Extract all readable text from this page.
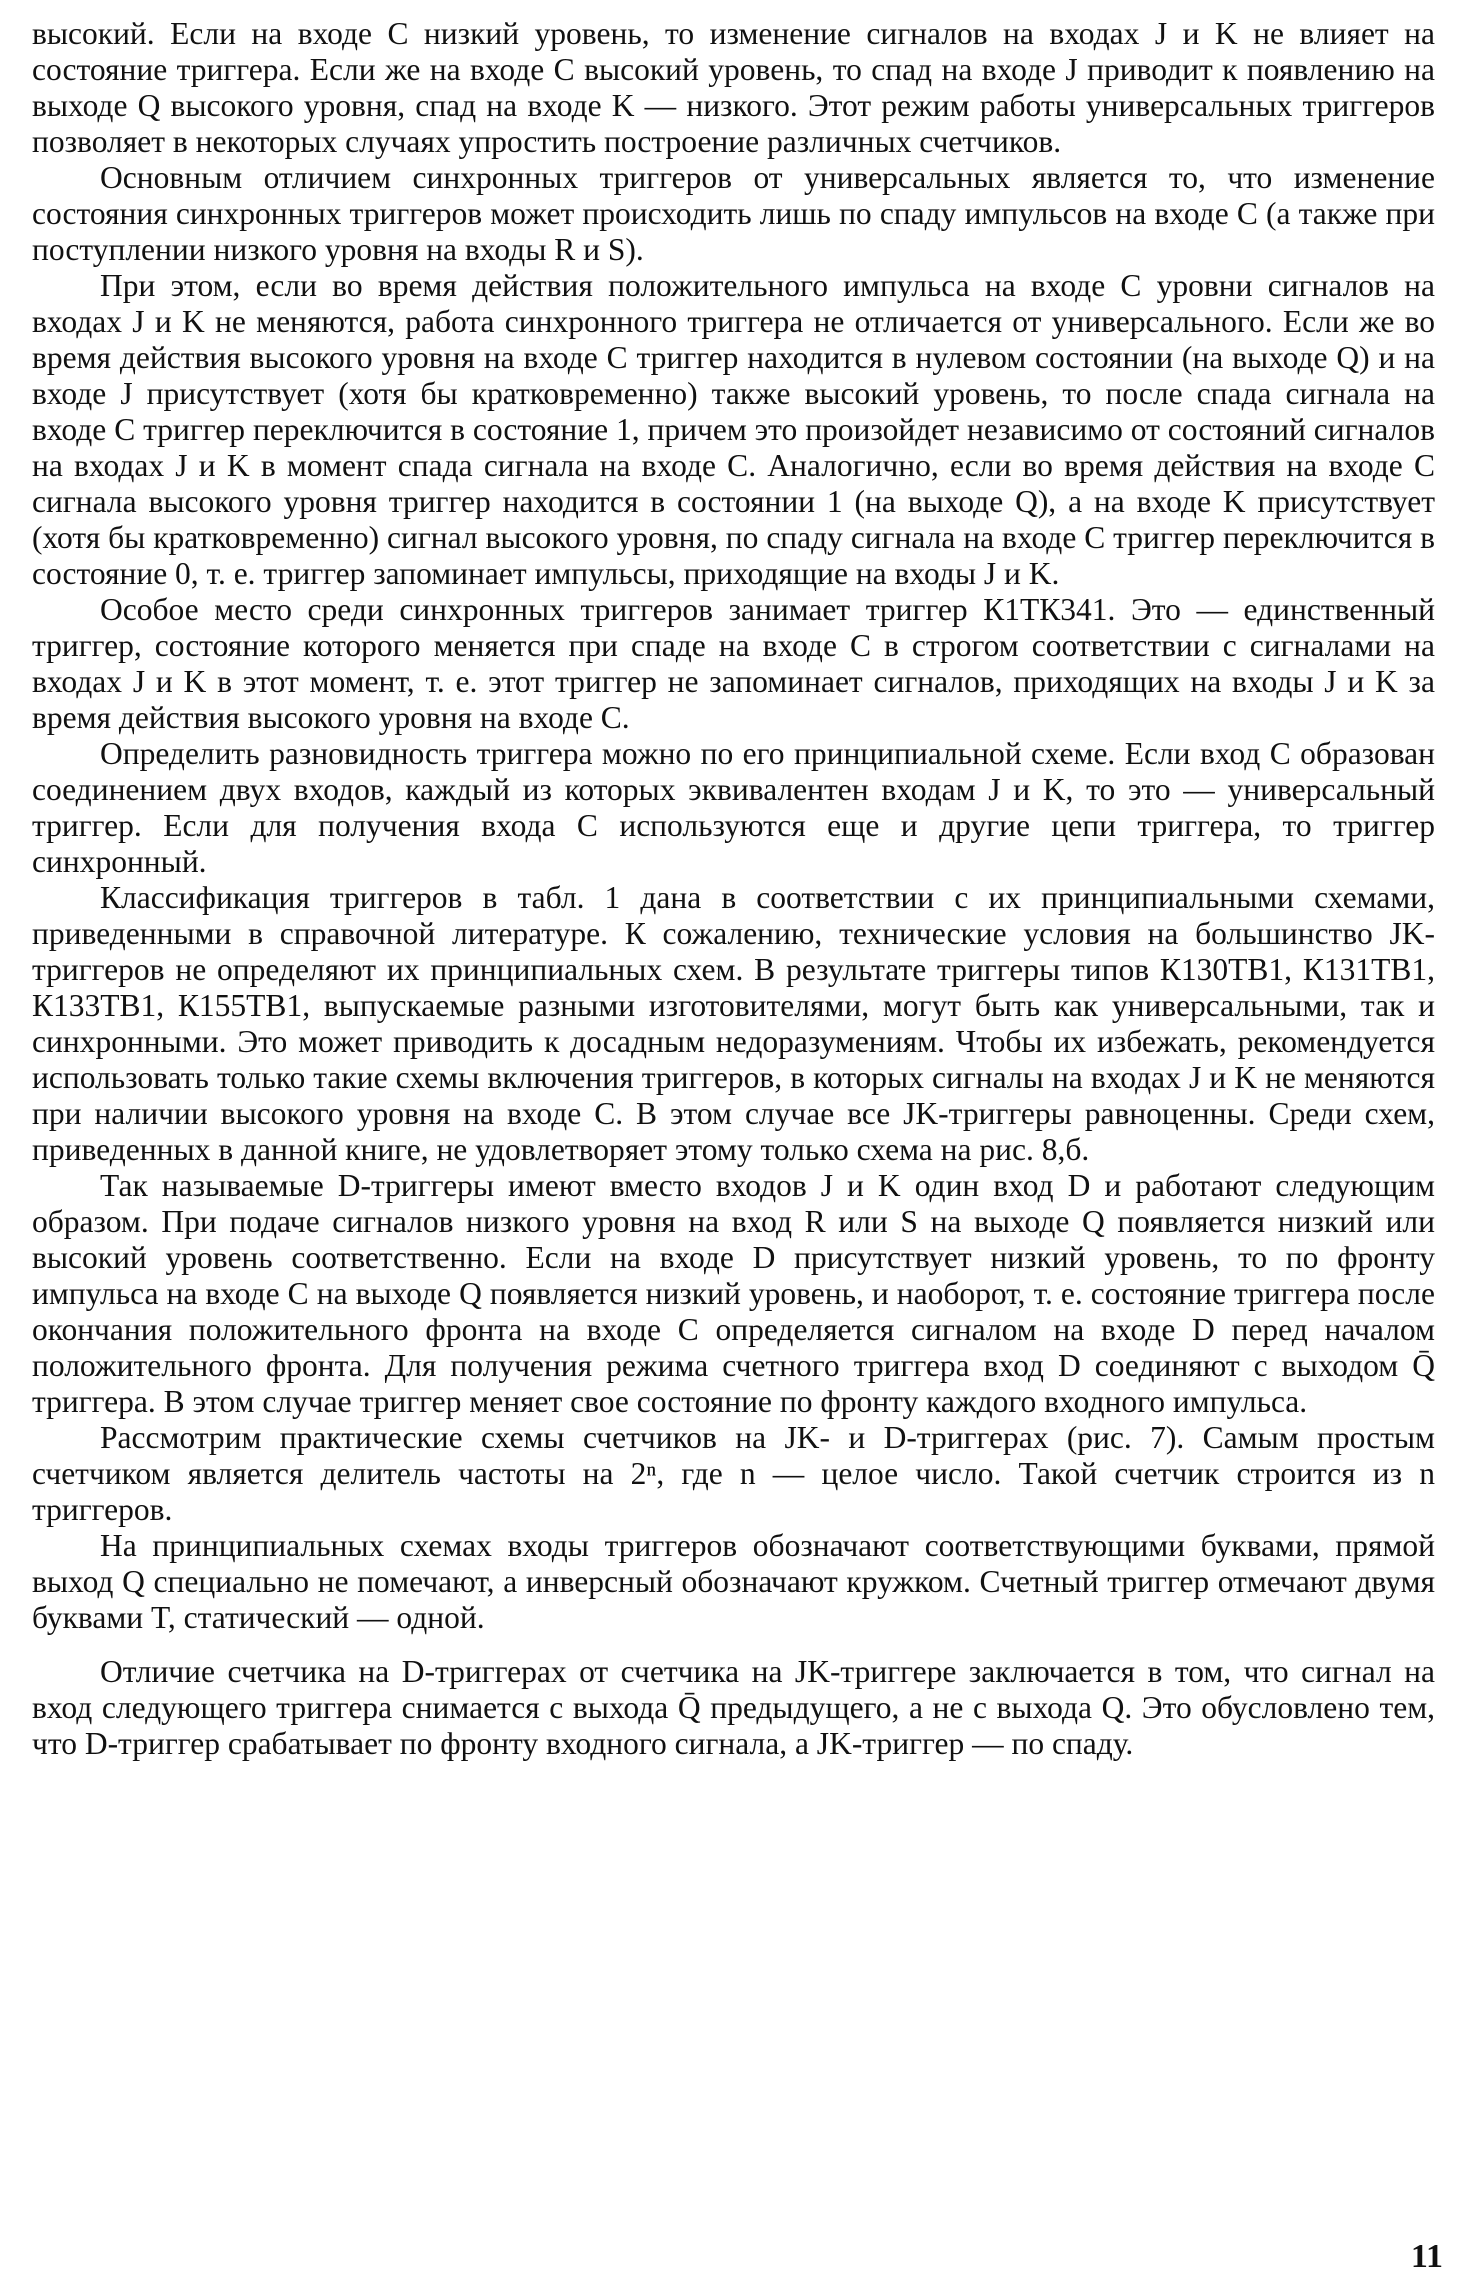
высокий. Если на входе C низкий уровень, то изменение сигналов на входах J и K не влияет на состояние триггера. Если же на входе C высокий уровень, то спад на входе J приводит к появлению на выходе Q высокого уровня, спад на входе K — низкого. Этот режим работы универсальных триггеров позволяет в некоторых случаях упростить построение различных счетчиков.

Основным отличием синхронных триггеров от универсальных является то, что изменение состояния синхронных триггеров может происходить лишь по спаду импульсов на входе C (а также при поступлении низкого уровня на входы R и S).

При этом, если во время действия положительного импульса на входе C уровни сигналов на входах J и K не меняются, работа синхронного триггера не отличается от универсального. Если же во время действия высокого уровня на входе C триггер находится в нулевом состоянии (на выходе Q) и на входе J присутствует (хотя бы кратковременно) также высокий уровень, то после спада сигнала на входе C триггер переключится в состояние 1, причем это произойдет независимо от состояний сигналов на входах J и K в момент спада сигнала на входе C. Аналогично, если во время действия на входе C сигнала высокого уровня триггер находится в состоянии 1 (на выходе Q), а на входе K присутствует (хотя бы кратковременно) сигнал высокого уровня, по спаду сигнала на входе C триггер переключится в состояние 0, т. е. триггер запоминает импульсы, приходящие на входы J и K.

Особое место среди синхронных триггеров занимает триггер К1ТК341. Это — единственный триггер, состояние которого меняется при спаде на входе C в строгом соответствии с сигналами на входах J и K в этот момент, т. е. этот триггер не запоминает сигналов, приходящих на входы J и K за время действия высокого уровня на входе C.

Определить разновидность триггера можно по его принципиальной схеме. Если вход C образован соединением двух входов, каждый из которых эквивалентен входам J и K, то это — универсальный триггер. Если для получения входа C используются еще и другие цепи триггера, то триггер синхронный.

Классификация триггеров в табл. 1 дана в соответствии с их принципиальными схемами, приведенными в справочной литературе. К сожалению, технические условия на большинство JK-триггеров не определяют их принципиальных схем. В результате триггеры типов К130ТВ1, К131ТВ1, К133ТВ1, К155ТВ1, выпускаемые разными изготовителями, могут быть как универсальными, так и синхронными. Это может приводить к досадным недоразумениям. Чтобы их избежать, рекомендуется использовать только такие схемы включения триггеров, в которых сигналы на входах J и K не меняются при наличии высокого уровня на входе C. В этом случае все JK-триггеры равноценны. Среди схем, приведенных в данной книге, не удовлетворяет этому только схема на рис. 8,б.

Так называемые D-триггеры имеют вместо входов J и K один вход D и работают следующим образом. При подаче сигналов низкого уровня на вход R или S на выходе Q появляется низкий или высокий уровень соответственно. Если на входе D присутствует низкий уровень, то по фронту импульса на входе C на выходе Q появляется низкий уровень, и наоборот, т. е. состояние триггера после окончания положительного фронта на входе C определяется сигналом на входе D перед началом положительного фронта. Для получения режима счетного триггера вход D соединяют с выходом Q̄ триггера. В этом случае триггер меняет свое состояние по фронту каждого входного импульса.

Рассмотрим практические схемы счетчиков на JK- и D-триггерах (рис. 7). Самым простым счетчиком является делитель частоты на 2ⁿ, где n — целое число. Такой счетчик строится из n триггеров.

На принципиальных схемах входы триггеров обозначают соответствующими буквами, прямой выход Q специально не помечают, а инверсный обозначают кружком. Счетный триггер отмечают двумя буквами T, статический — одной.

Отличие счетчика на D-триггерах от счетчика на JK-триггере заключается в том, что сигнал на вход следующего триггера снимается с выхода Q̄ предыдущего, а не с выхода Q. Это обусловлено тем, что D-триггер срабатывает по фронту входного сигнала, а JK-триггер — по спаду.

11
